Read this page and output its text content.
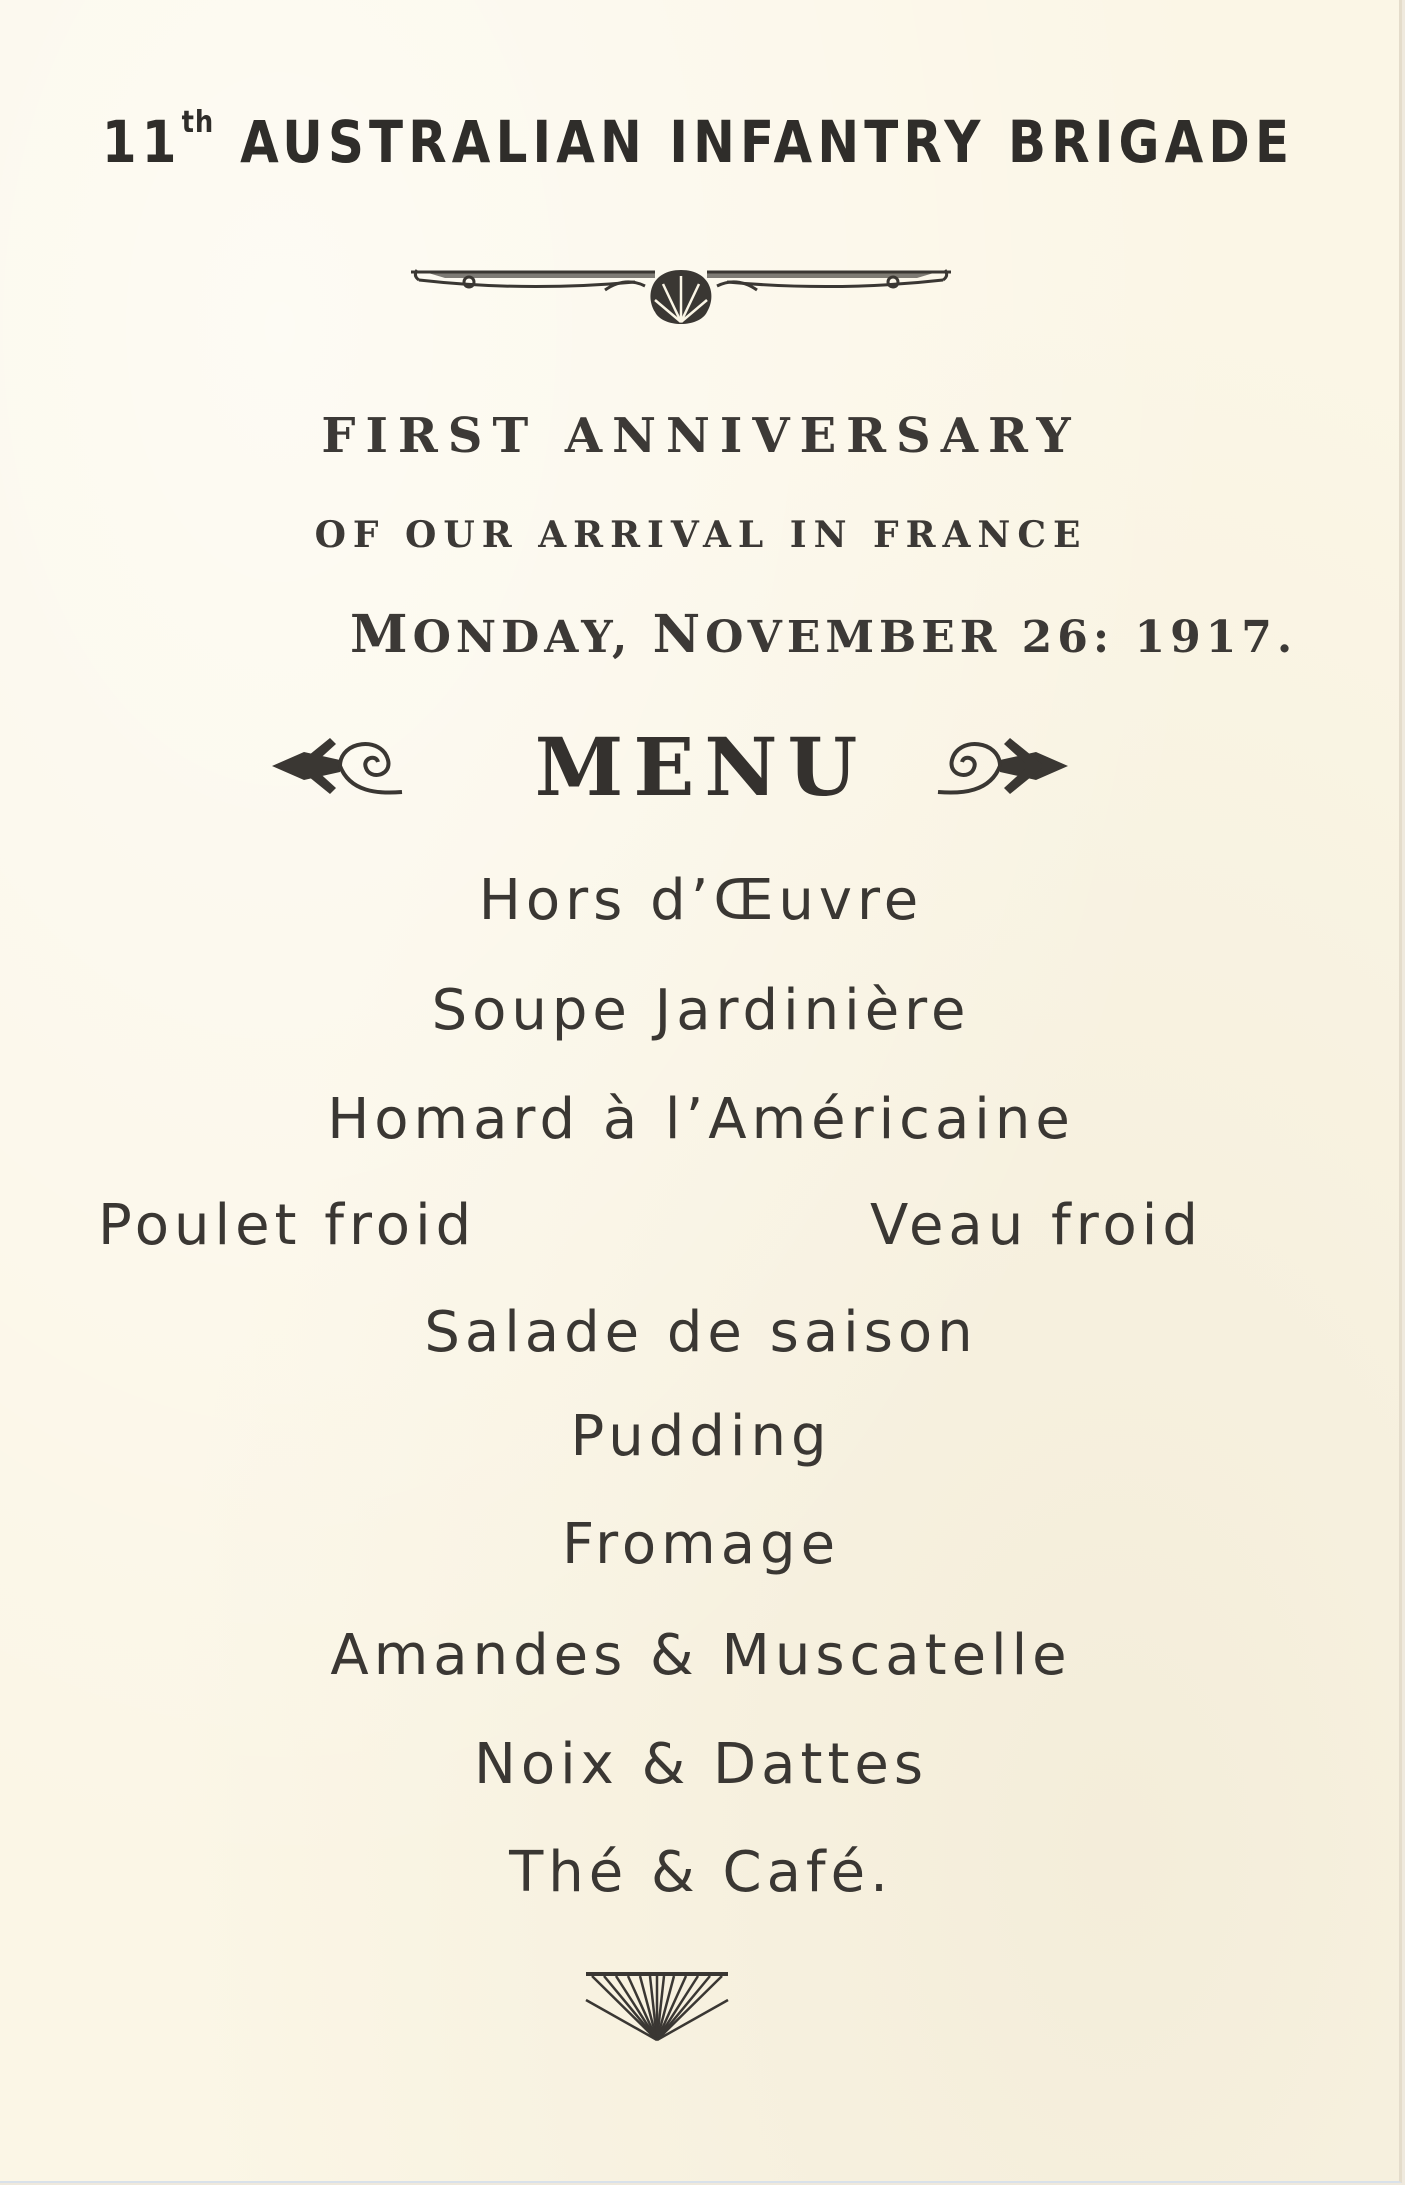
11th AUSTRALIAN INFANTRY BRIGADE
FIRST ANNIVERSARY
OF OUR ARRIVAL IN FRANCE
MONDAY, NOVEMBER 26: 1917.
MENU
Hors d’Œuvre
Soupe Jardinière
Homard à l’Américaine
Poulet froid	Veau froid
Salade de saison
Pudding
Fromage
Amandes & Muscatelle
Noix & Dattes
Thé & Café.
